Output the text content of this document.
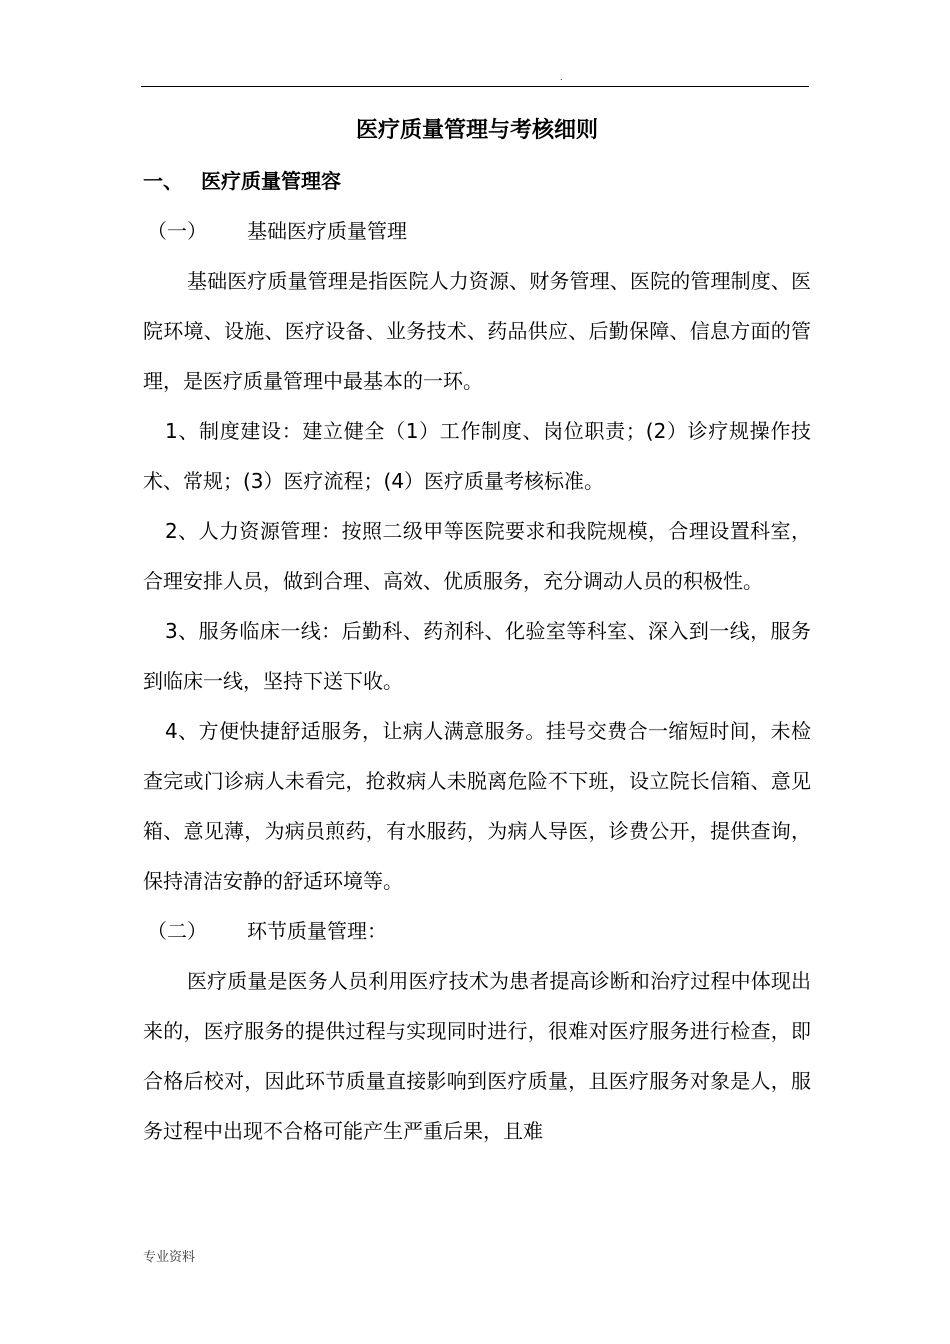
.
医疗质量管理与考核细则
一、 医疗质量管理容
（一） 基础医疗质量管理

基础医疗质量管理是指医院人力资源、财务管理、医院的管理制度、医院环境、设施、医疗设备、业务技术、药品供应、后勤保障、信息方面的管理，是医疗质量管理中最基本的一环。

1、制度建设：建立健全（1）工作制度、岗位职责；(2）诊疗规操作技术、常规；(3）医疗流程；(4）医疗质量考核标准。

2、人力资源管理：按照二级甲等医院要求和我院规模，合理设置科室，合理安排人员，做到合理、高效、优质服务，充分调动人员的积极性。

3、服务临床一线：后勤科、药剂科、化验室等科室、深入到一线，服务到临床一线，坚持下送下收。

4、方便快捷舒适服务，让病人满意服务。挂号交费合一缩短时间，未检查完或门诊病人未看完，抢救病人未脱离危险不下班，设立院长信箱、意见箱、意见薄，为病员煎药，有水服药，为病人导医，诊费公开，提供查询，保持清洁安静的舒适环境等。

（二） 环节质量管理：

医疗质量是医务人员利用医疗技术为患者提高诊断和治疗过程中体现出来的，医疗服务的提供过程与实现同时进行，很难对医疗服务进行检查，即合格后校对，因此环节质量直接影响到医疗质量，且医疗服务对象是人，服务过程中出现不合格可能产生严重后果，且难

专业资料
